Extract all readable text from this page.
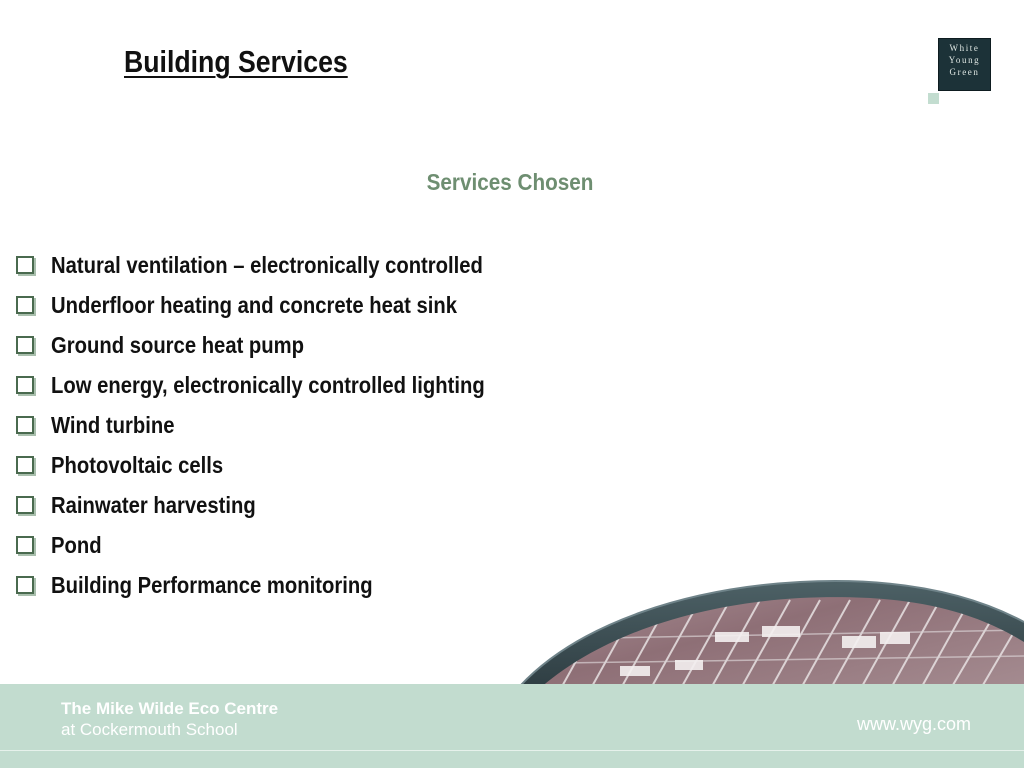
Building Services	White
Young
Green
Services Chosen
Natural ventilation – electronically controlled
Underfloor heating and concrete heat sink
Ground source heat pump
Low energy, electronically controlled lighting
Wind turbine
Photovoltaic cells
Rainwater harvesting
Pond
Building Performance monitoring
The Mike Wilde Eco Centre
at Cockermouth School	www.wyg.com
